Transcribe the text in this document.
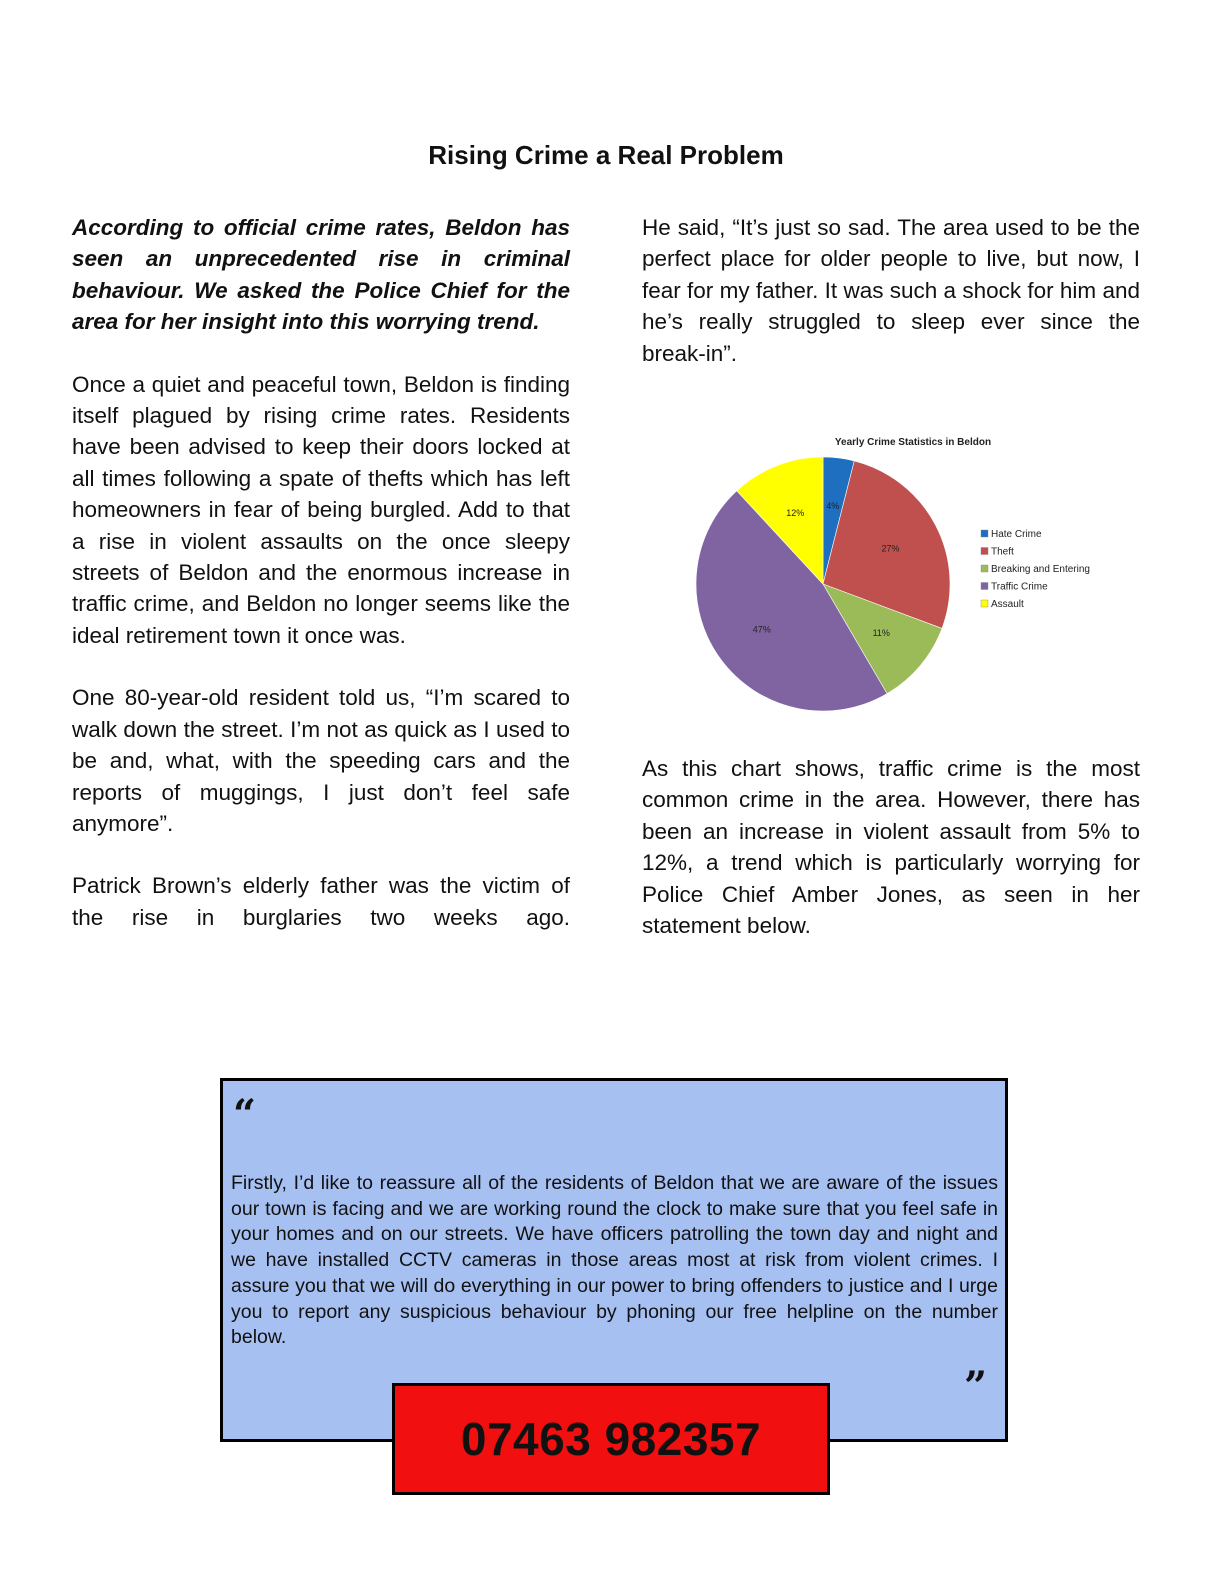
Rising Crime a Real Problem

According to official crime rates, Beldon has seen an unprecedented rise in criminal behaviour. We asked the Police Chief for the area for her insight into this worrying trend.

Once a quiet and peaceful town, Beldon is finding itself plagued by rising crime rates. Residents have been advised to keep their doors locked at all times following a spate of thefts which has left homeowners in fear of being burgled. Add to that a rise in violent assaults on the once sleepy streets of Beldon and the enormous increase in traffic crime, and Beldon no longer seems like the ideal retirement town it once was.

One 80-year-old resident told us, “I’m scared to walk down the street. I’m not as quick as I used to be and, what, with the speeding cars and the reports of muggings, I just don’t feel safe anymore”.

Patrick Brown’s elderly father was the victim of the rise in burglaries two weeks ago.

He said, “It’s just so sad. The area used to be the perfect place for older people to live, but now, I fear for my father. It was such a shock for him and he’s really struggled to sleep ever since the break-in”.

As this chart shows, traffic crime is the most common crime in the area. However, there has been an increase in violent assault from 5% to 12%, a trend which is particularly worrying for Police Chief Amber Jones, as seen in her statement below.

Yearly Crime Statistics in Beldon
4%
27%
11%
47%
12%
Hate Crime
Theft
Breaking and Entering
Traffic Crime
Assault
“

Firstly, I’d like to reassure all of the residents of Beldon that we are aware of the issues our town is facing and we are working round the clock to make sure that you feel safe in your homes and on our streets. We have officers patrolling the town day and night and we have installed CCTV cameras in those areas most at risk from violent crimes. I assure you that we will do everything in our power to bring offenders to justice and I urge you to report any suspicious behaviour by phoning our free helpline on the number below.

”
07463 982357
